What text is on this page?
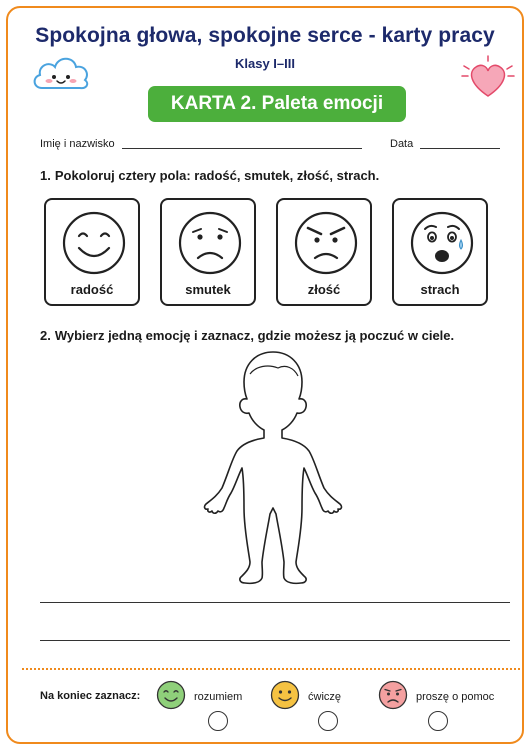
Spokojna głowa, spokojne serce - karty pracy
Klasy I–III
KARTA 2. Paleta emocji
Imię i nazwisko	Data
1. Pokoloruj cztery pola: radość, smutek, złość, strach.
radość	smutek	złość	strach
2. Wybierz jedną emocję i zaznacz, gdzie możesz ją poczuć w ciele.
Na koniec zaznacz:	rozumiem	ćwiczę	proszę o pomoc
